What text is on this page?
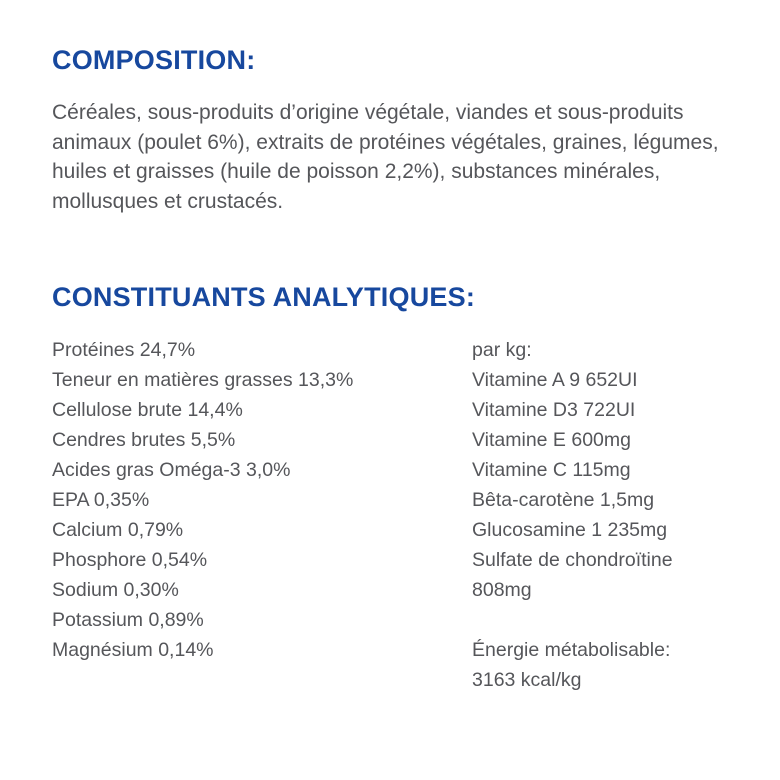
COMPOSITION:

Céréales, sous-produits d’origine végétale, viandes et sous-produits animaux (poulet 6%), extraits de protéines végétales, graines, légumes, huiles et graisses (huile de poisson 2,2%), substances minérales, mollusques et crustacés.

CONSTITUANTS ANALYTIQUES:
Protéines 24,7%
Teneur en matières grasses 13,3%
Cellulose brute 14,4%
Cendres brutes 5,5%
Acides gras Oméga-3 3,0%
EPA 0,35%
Calcium 0,79%
Phosphore 0,54%
Sodium 0,30%
Potassium 0,89%
Magnésium 0,14%
par kg:
Vitamine A 9 652UI
Vitamine D3 722UI
Vitamine E 600mg
Vitamine C 115mg
Bêta-carotène 1,5mg
Glucosamine 1 235mg
Sulfate de chondroïtine 808mg
Énergie métabolisable:
3163 kcal/kg
